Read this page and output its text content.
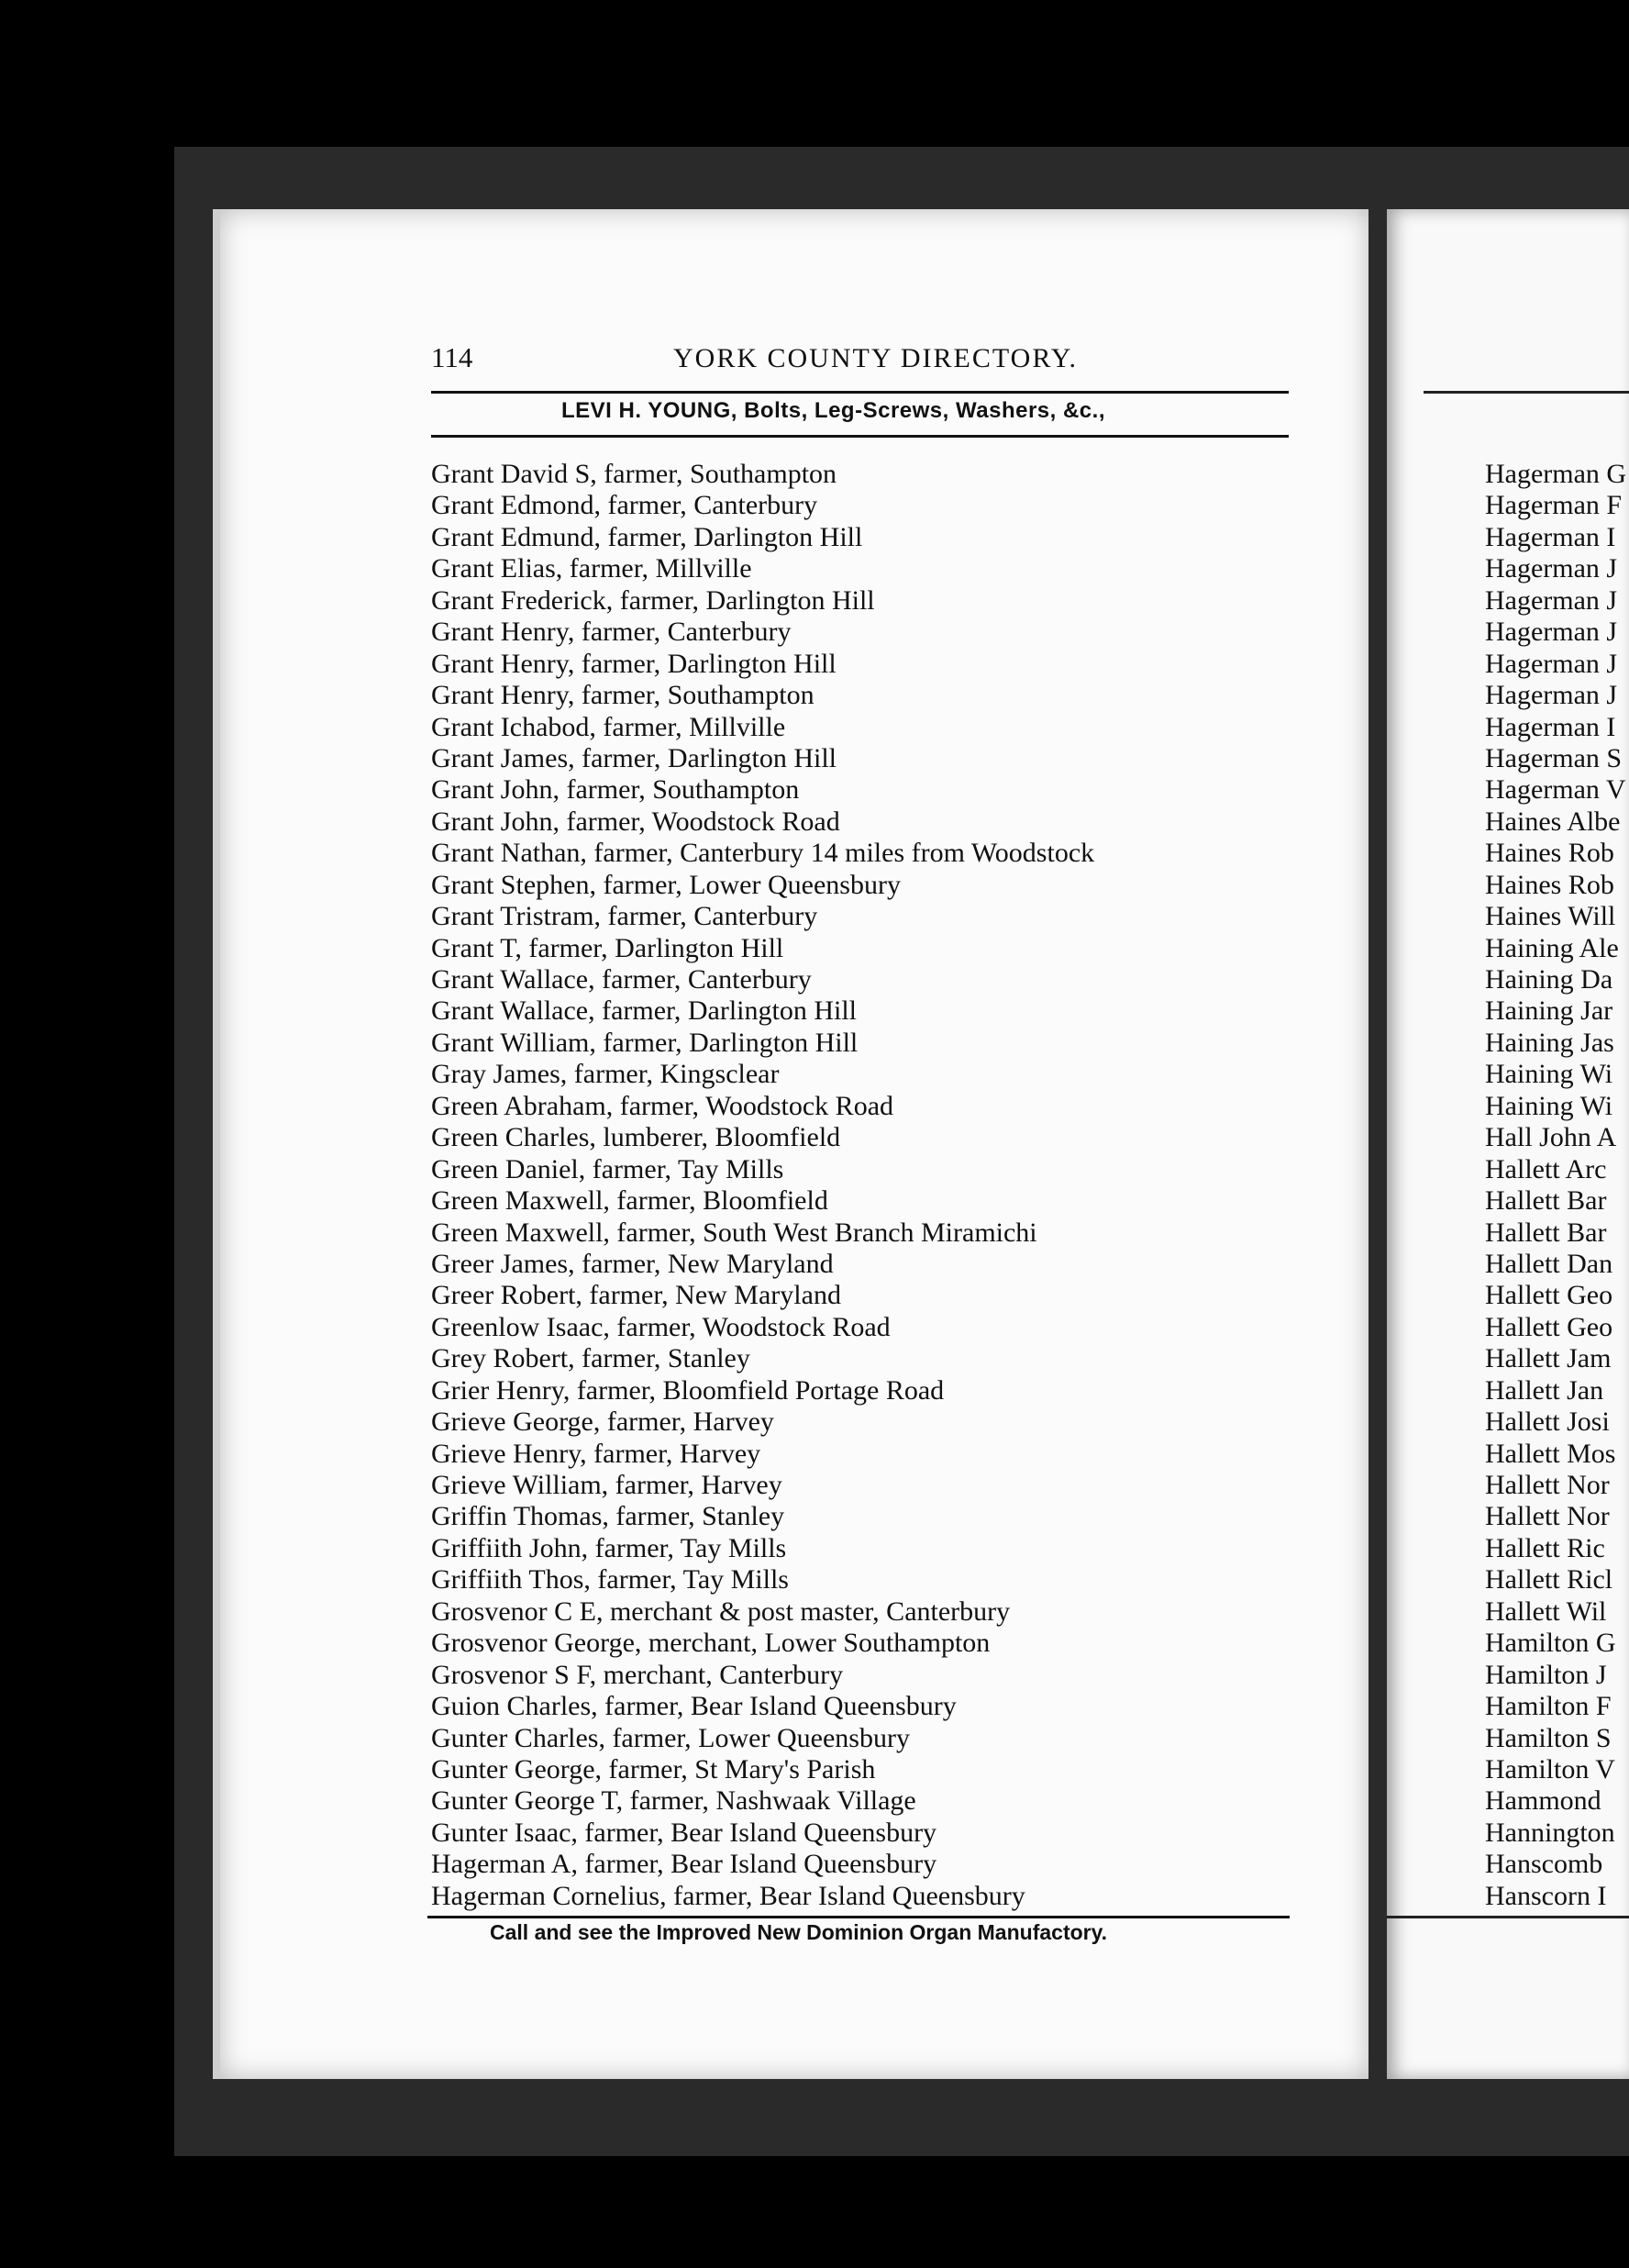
114	YORK COUNTY DIRECTORY.
LEVI H. YOUNG, Bolts, Leg-Screws, Washers, &c.,
Grant David S, farmer, Southampton
Grant Edmond, farmer, Canterbury
Grant Edmund, farmer, Darlington Hill
Grant Elias, farmer, Millville
Grant Frederick, farmer, Darlington Hill
Grant Henry, farmer, Canterbury
Grant Henry, farmer, Darlington Hill
Grant Henry, farmer, Southampton
Grant Ichabod, farmer, Millville
Grant James, farmer, Darlington Hill
Grant John, farmer, Southampton
Grant John, farmer, Woodstock Road
Grant Nathan, farmer, Canterbury 14 miles from Woodstock
Grant Stephen, farmer, Lower Queensbury
Grant Tristram, farmer, Canterbury
Grant T, farmer, Darlington Hill
Grant Wallace, farmer, Canterbury
Grant Wallace, farmer, Darlington Hill
Grant William, farmer, Darlington Hill
Gray James, farmer, Kingsclear
Green Abraham, farmer, Woodstock Road
Green Charles, lumberer, Bloomfield
Green Daniel, farmer, Tay Mills
Green Maxwell, farmer, Bloomfield
Green Maxwell, farmer, South West Branch Miramichi
Greer James, farmer, New Maryland
Greer Robert, farmer, New Maryland
Greenlow Isaac, farmer, Woodstock Road
Grey Robert, farmer, Stanley
Grier Henry, farmer, Bloomfield Portage Road
Grieve George, farmer, Harvey
Grieve Henry, farmer, Harvey
Grieve William, farmer, Harvey
Griffin Thomas, farmer, Stanley
Griffiith John, farmer, Tay Mills
Griffiith Thos, farmer, Tay Mills
Grosvenor C E, merchant & post master, Canterbury
Grosvenor George, merchant, Lower Southampton
Grosvenor S F, merchant, Canterbury
Guion Charles, farmer, Bear Island Queensbury
Gunter Charles, farmer, Lower Queensbury
Gunter George, farmer, St Mary's Parish
Gunter George T, farmer, Nashwaak Village
Gunter Isaac, farmer, Bear Island Queensbury
Hagerman A, farmer, Bear Island Queensbury
Hagerman Cornelius, farmer, Bear Island Queensbury
Call and see the Improved New Dominion Organ Manufactory.
Hagerman G
Hagerman F
Hagerman I
Hagerman J
Hagerman J
Hagerman J
Hagerman J
Hagerman J
Hagerman I
Hagerman S
Hagerman V
Haines Albe
Haines Rob
Haines Rob
Haines Will
Haining Ale
Haining Da
Haining Jar
Haining Jas
Haining Wi
Haining Wi
Hall John A
Hallett Arc
Hallett Bar
Hallett Bar
Hallett Dan
Hallett Geo
Hallett Geo
Hallett Jam
Hallett Jan
Hallett Josi
Hallett Mos
Hallett Nor
Hallett Nor
Hallett Ric
Hallett Ricl
Hallett Wil
Hamilton G
Hamilton J
Hamilton F
Hamilton S
Hamilton V
Hammond
Hannington
Hanscomb
Hanscorn I
